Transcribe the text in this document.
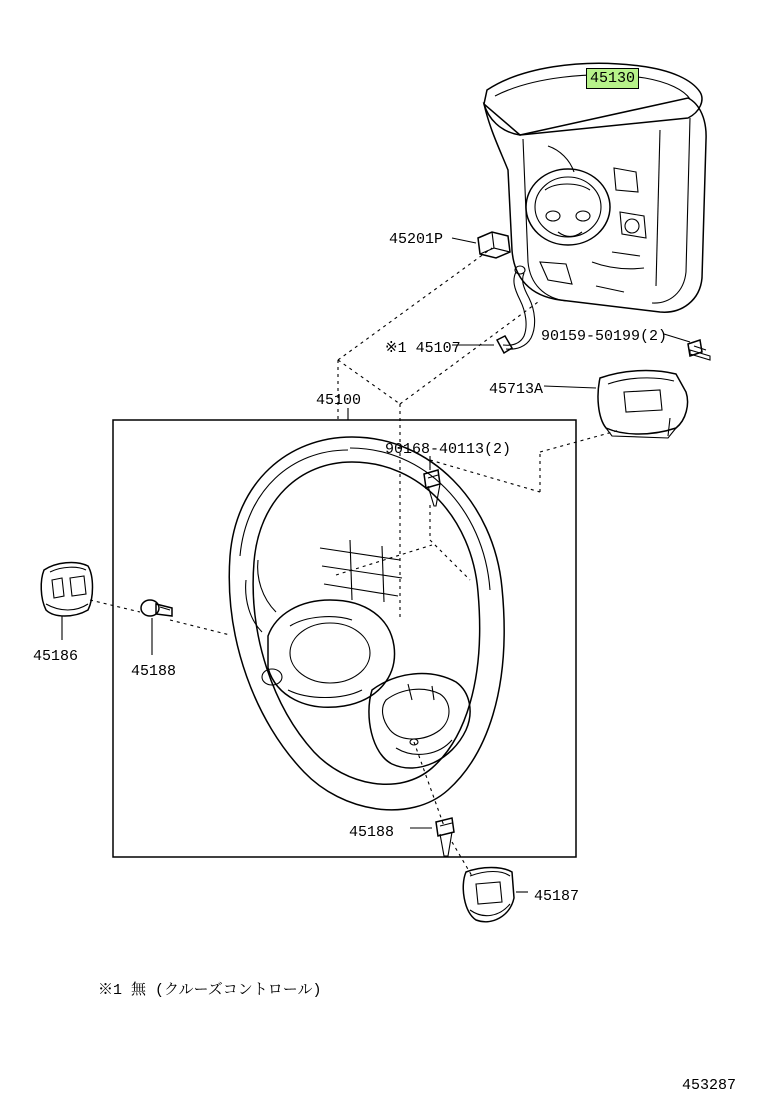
45130
45201P
※1 45107
90159-50199(2)
45713A
45100
90168-40113(2)
45186
45188
45188
45187
※1 無 (クルーズコントロール)
453287
